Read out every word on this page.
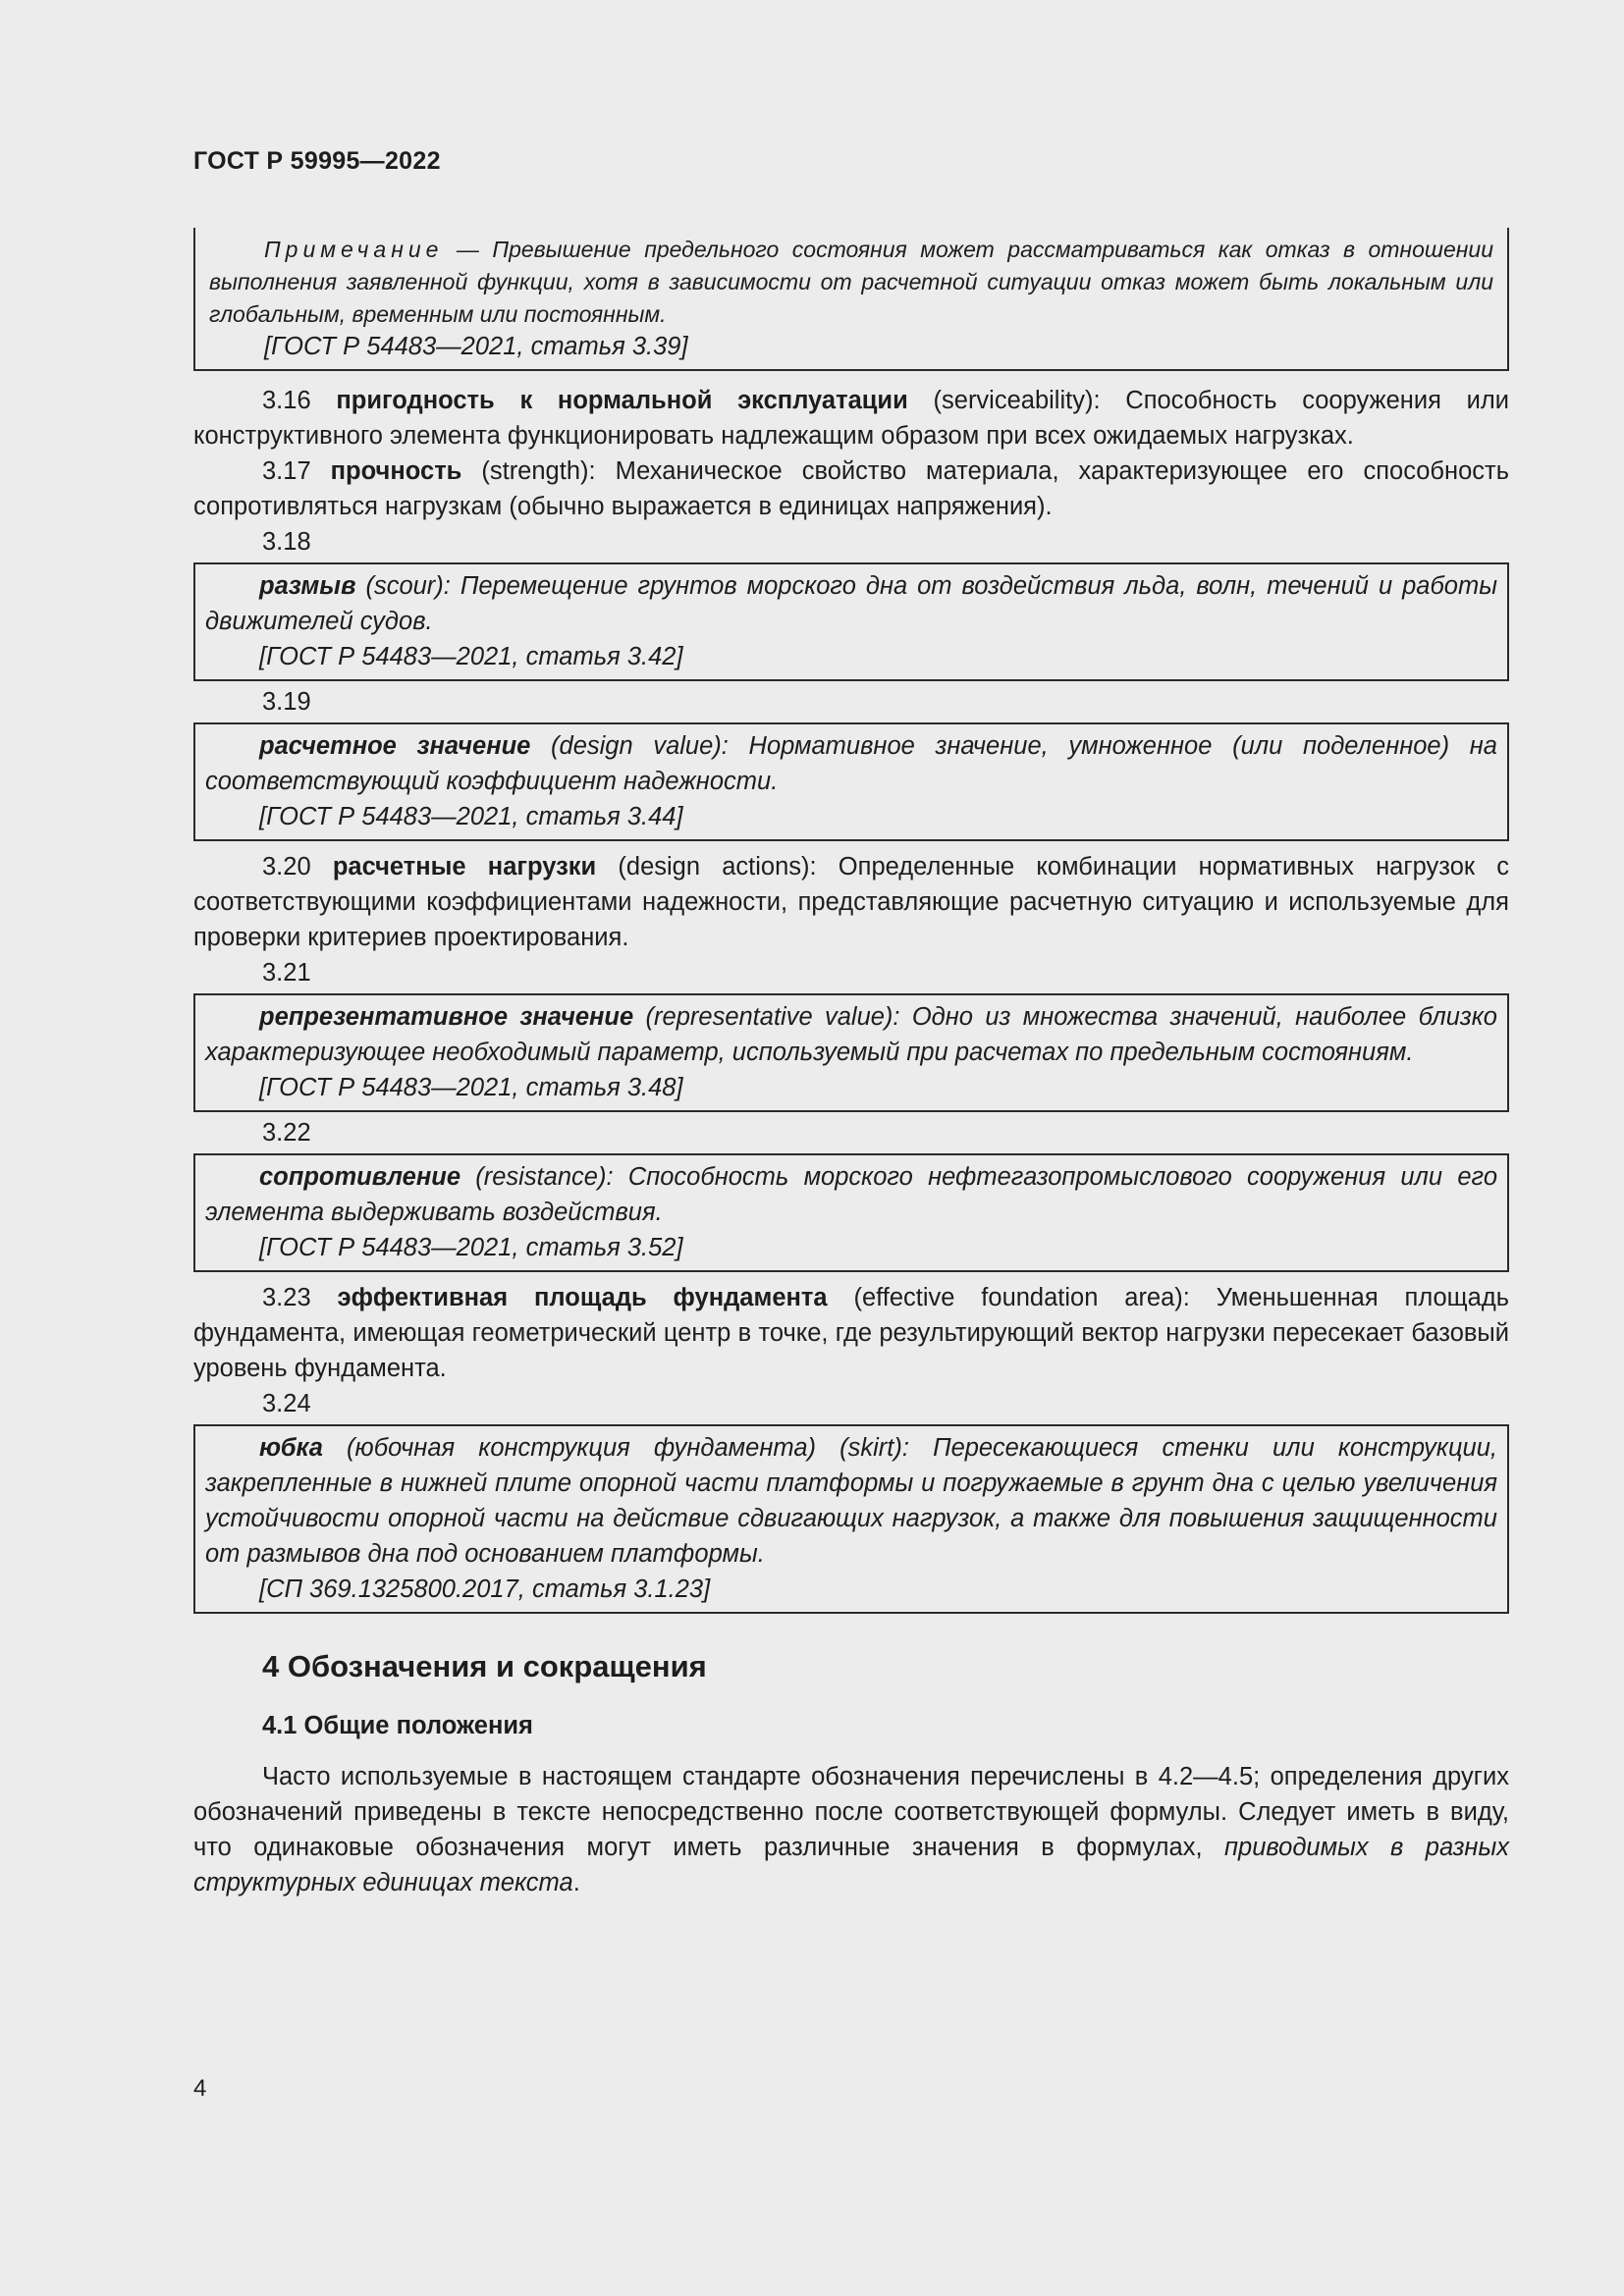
ГОСТ Р 59995—2022

Примечание — Превышение предельного состояния может рассматриваться как отказ в отношении выполнения заявленной функции, хотя в зависимости от расчетной ситуации отказ может быть локальным или глобальным, временным или постоянным.

[ГОСТ Р 54483—2021, статья 3.39]

3.16 пригодность к нормальной эксплуатации (serviceability): Способность сооружения или конструктивного элемента функционировать надлежащим образом при всех ожидаемых нагрузках.

3.17 прочность (strength): Механическое свойство материала, характеризующее его способность сопротивляться нагрузкам (обычно выражается в единицах напряжения).

3.18

размыв (scour): Перемещение грунтов морского дна от воздействия льда, волн, течений и работы движителей судов.

[ГОСТ Р 54483—2021, статья 3.42]

3.19

расчетное значение (design value): Нормативное значение, умноженное (или поделенное) на соответствующий коэффициент надежности.

[ГОСТ Р 54483—2021, статья 3.44]

3.20 расчетные нагрузки (design actions): Определенные комбинации нормативных нагрузок с соответствующими коэффициентами надежности, представляющие расчетную ситуацию и используемые для проверки критериев проектирования.

3.21

репрезентативное значение (representative value): Одно из множества значений, наиболее близко характеризующее необходимый параметр, используемый при расчетах по предельным состояниям.

[ГОСТ Р 54483—2021, статья 3.48]

3.22

сопротивление (resistance): Способность морского нефтегазопромыслового сооружения или его элемента выдерживать воздействия.

[ГОСТ Р 54483—2021, статья 3.52]

3.23 эффективная площадь фундамента (effective foundation area): Уменьшенная площадь фундамента, имеющая геометрический центр в точке, где результирующий вектор нагрузки пересекает базовый уровень фундамента.

3.24

юбка (юбочная конструкция фундамента) (skirt): Пересекающиеся стенки или конструкции, закрепленные в нижней плите опорной части платформы и погружаемые в грунт дна с целью увеличения устойчивости опорной части на действие сдвигающих нагрузок, а также для повышения защищенности от размывов дна под основанием платформы.

[СП 369.1325800.2017, статья 3.1.23]

4 Обозначения и сокращения
4.1 Общие положения

Часто используемые в настоящем стандарте обозначения перечислены в 4.2—4.5; определения других обозначений приведены в тексте непосредственно после соответствующей формулы. Следует иметь в виду, что одинаковые обозначения могут иметь различные значения в формулах, приводимых в разных структурных единицах текста.

4
